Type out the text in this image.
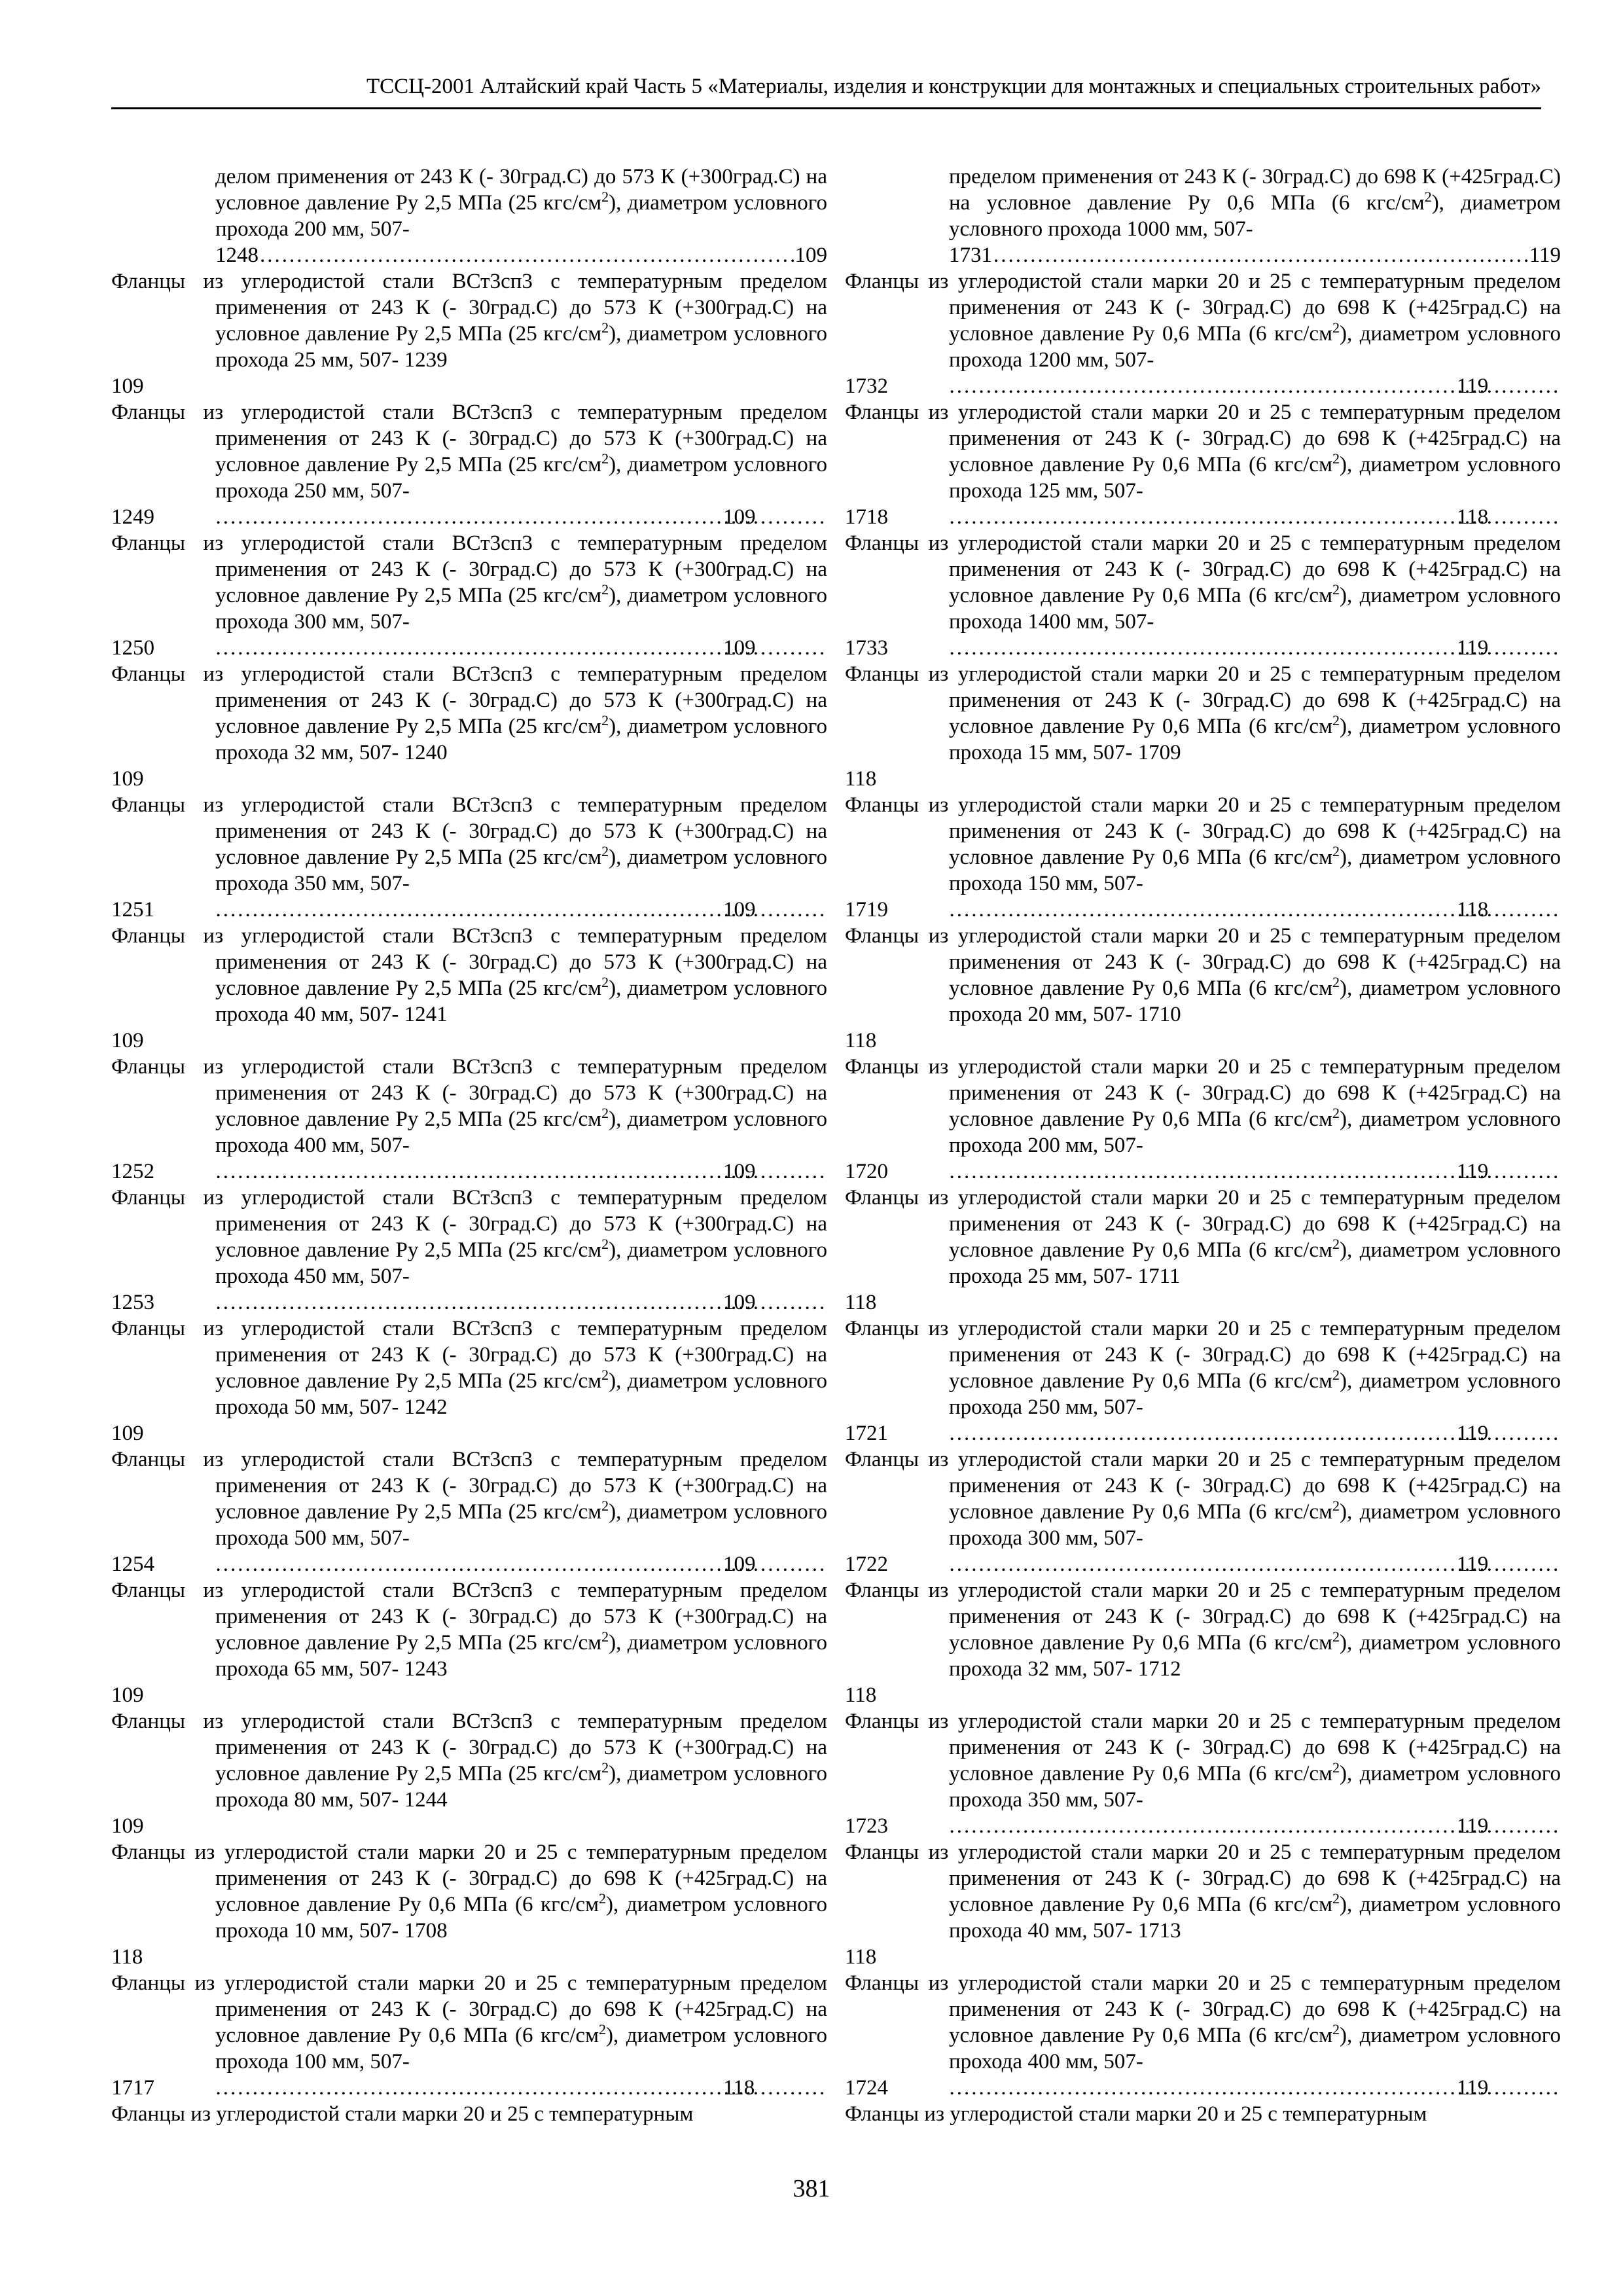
ТССЦ-2001 Алтайский край Часть 5 «Материалы, изделия и конструкции для монтажных и специальных строительных работ»

делом применения от 243 К (- 30град.С) до 573 К (+300град.С) на условное давление Ру 2,5 МПа (25 кгс/$см^2$), диаметром условного прохода 200 мм, 507-
1248 .....	109

Фланцы из углеродистой стали ВСт3сп3 с температурным пределом применения от 243 К (- 30град.С) до 573 К (+300град.С) на условное давление Ру 2,5 МПа (25 кгс/$см^2$), диаметром условного прохода 25 мм, 507- 1239
109

Фланцы из углеродистой стали ВСт3сп3 с температурным пределом применения от 243 К (- 30град.С) до 573 К (+300град.С) на условное давление Ру 2,5 МПа (25 кгс/$см^2$), диаметром условного прохода 250 мм, 507-
1249 .....	109

Фланцы из углеродистой стали ВСт3сп3 с температурным пределом применения от 243 К (- 30град.С) до 573 К (+300град.С) на условное давление Ру 2,5 МПа (25 кгс/$см^2$), диаметром условного прохода 300 мм, 507-
1250 .....	109

Фланцы из углеродистой стали ВСт3сп3 с температурным пределом применения от 243 К (- 30град.С) до 573 К (+300град.С) на условное давление Ру 2,5 МПа (25 кгс/$см^2$), диаметром условного прохода 32 мм, 507- 1240
109

Фланцы из углеродистой стали ВСт3сп3 с температурным пределом применения от 243 К (- 30град.С) до 573 К (+300град.С) на условное давление Ру 2,5 МПа (25 кгс/$см^2$), диаметром условного прохода 350 мм, 507-
1251 .....	109

Фланцы из углеродистой стали ВСт3сп3 с температурным пределом применения от 243 К (- 30град.С) до 573 К (+300град.С) на условное давление Ру 2,5 МПа (25 кгс/$см^2$), диаметром условного прохода 40 мм, 507- 1241
109

Фланцы из углеродистой стали ВСт3сп3 с температурным пределом применения от 243 К (- 30град.С) до 573 К (+300град.С) на условное давление Ру 2,5 МПа (25 кгс/$см^2$), диаметром условного прохода 400 мм, 507-
1252 .....	109

Фланцы из углеродистой стали ВСт3сп3 с температурным пределом применения от 243 К (- 30град.С) до 573 К (+300град.С) на условное давление Ру 2,5 МПа (25 кгс/$см^2$), диаметром условного прохода 450 мм, 507-
1253 .....	109

Фланцы из углеродистой стали ВСт3сп3 с температурным пределом применения от 243 К (- 30град.С) до 573 К (+300град.С) на условное давление Ру 2,5 МПа (25 кгс/$см^2$), диаметром условного прохода 50 мм, 507- 1242
109

Фланцы из углеродистой стали ВСт3сп3 с температурным пределом применения от 243 К (- 30град.С) до 573 К (+300град.С) на условное давление Ру 2,5 МПа (25 кгс/$см^2$), диаметром условного прохода 500 мм, 507-
1254 .....	109

Фланцы из углеродистой стали ВСт3сп3 с температурным пределом применения от 243 К (- 30град.С) до 573 К (+300град.С) на условное давление Ру 2,5 МПа (25 кгс/$см^2$), диаметром условного прохода 65 мм, 507- 1243
109

Фланцы из углеродистой стали ВСт3сп3 с температурным пределом применения от 243 К (- 30град.С) до 573 К (+300град.С) на условное давление Ру 2,5 МПа (25 кгс/$см^2$), диаметром условного прохода 80 мм, 507- 1244
109

Фланцы из углеродистой стали марки 20 и 25 с температурным пределом применения от 243 К (- 30град.С) до 698 К (+425град.С) на условное давление Ру 0,6 МПа (6 кгс/$см^2$), диаметром условного прохода 10 мм, 507- 1708
118

Фланцы из углеродистой стали марки 20 и 25 с температурным пределом применения от 243 К (- 30град.С) до 698 К (+425град.С) на условное давление Ру 0,6 МПа (6 кгс/$см^2$), диаметром условного прохода 100 мм, 507-
1717 .....	118

Фланцы из углеродистой стали марки 20 и 25 с температурным

пределом применения от 243 К (- 30град.С) до 698 К (+425град.С) на условное давление Ру 0,6 МПа (6 кгс/$см^2$), диаметром условного прохода 1000 мм, 507-
1731 .....	119

Фланцы из углеродистой стали марки 20 и 25 с температурным пределом применения от 243 К (- 30град.С) до 698 К (+425град.С) на условное давление Ру 0,6 МПа (6 кгс/$см^2$), диаметром условного прохода 1200 мм, 507-
1732 .....	119

Фланцы из углеродистой стали марки 20 и 25 с температурным пределом применения от 243 К (- 30град.С) до 698 К (+425град.С) на условное давление Ру 0,6 МПа (6 кгс/$см^2$), диаметром условного прохода 125 мм, 507-
1718 .....	118

Фланцы из углеродистой стали марки 20 и 25 с температурным пределом применения от 243 К (- 30град.С) до 698 К (+425град.С) на условное давление Ру 0,6 МПа (6 кгс/$см^2$), диаметром условного прохода 1400 мм, 507-
1733 .....	119

Фланцы из углеродистой стали марки 20 и 25 с температурным пределом применения от 243 К (- 30град.С) до 698 К (+425град.С) на условное давление Ру 0,6 МПа (6 кгс/$см^2$), диаметром условного прохода 15 мм, 507- 1709
118

Фланцы из углеродистой стали марки 20 и 25 с температурным пределом применения от 243 К (- 30град.С) до 698 К (+425град.С) на условное давление Ру 0,6 МПа (6 кгс/$см^2$), диаметром условного прохода 150 мм, 507-
1719 .....	118

Фланцы из углеродистой стали марки 20 и 25 с температурным пределом применения от 243 К (- 30град.С) до 698 К (+425град.С) на условное давление Ру 0,6 МПа (6 кгс/$см^2$), диаметром условного прохода 20 мм, 507- 1710
118

Фланцы из углеродистой стали марки 20 и 25 с температурным пределом применения от 243 К (- 30град.С) до 698 К (+425град.С) на условное давление Ру 0,6 МПа (6 кгс/$см^2$), диаметром условного прохода 200 мм, 507-
1720 .....	119

Фланцы из углеродистой стали марки 20 и 25 с температурным пределом применения от 243 К (- 30град.С) до 698 К (+425град.С) на условное давление Ру 0,6 МПа (6 кгс/$см^2$), диаметром условного прохода 25 мм, 507- 1711
118

Фланцы из углеродистой стали марки 20 и 25 с температурным пределом применения от 243 К (- 30град.С) до 698 К (+425град.С) на условное давление Ру 0,6 МПа (6 кгс/$см^2$), диаметром условного прохода 250 мм, 507-
1721 .....	119

Фланцы из углеродистой стали марки 20 и 25 с температурным пределом применения от 243 К (- 30град.С) до 698 К (+425град.С) на условное давление Ру 0,6 МПа (6 кгс/$см^2$), диаметром условного прохода 300 мм, 507-
1722 .....	119

Фланцы из углеродистой стали марки 20 и 25 с температурным пределом применения от 243 К (- 30град.С) до 698 К (+425град.С) на условное давление Ру 0,6 МПа (6 кгс/$см^2$), диаметром условного прохода 32 мм, 507- 1712
118

Фланцы из углеродистой стали марки 20 и 25 с температурным пределом применения от 243 К (- 30град.С) до 698 К (+425град.С) на условное давление Ру 0,6 МПа (6 кгс/$см^2$), диаметром условного прохода 350 мм, 507-
1723 .....	119

Фланцы из углеродистой стали марки 20 и 25 с температурным пределом применения от 243 К (- 30град.С) до 698 К (+425град.С) на условное давление Ру 0,6 МПа (6 кгс/$см^2$), диаметром условного прохода 40 мм, 507- 1713
118

Фланцы из углеродистой стали марки 20 и 25 с температурным пределом применения от 243 К (- 30град.С) до 698 К (+425град.С) на условное давление Ру 0,6 МПа (6 кгс/$см^2$), диаметром условного прохода 400 мм, 507-
1724 .....	119

Фланцы из углеродистой стали марки 20 и 25 с температурным

381
